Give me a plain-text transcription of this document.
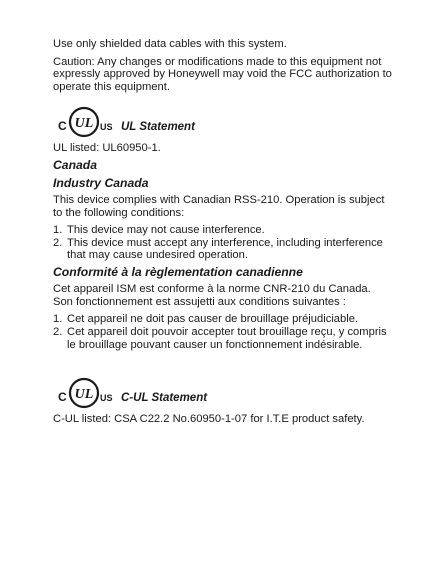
Use only shielded data cables with this system.

Caution: Any changes or modifications made to this equipment not expressly approved by Honeywell may void the FCC authorization to operate this equipment.

C UL US UL Statement

UL listed: UL60950-1.

Canada
Industry Canada

This device complies with Canadian RSS-210. Operation is subject to the following conditions:

1. This device may not cause interference.
2. This device must accept any interference, including interference that may cause undesired operation.
Conformité à la règlementation canadienne

Cet appareil ISM est conforme à la norme CNR-210 du Canada. Son fonctionnement est assujetti aux conditions suivantes :

1. Cet appareil ne doit pas causer de brouillage préjudiciable.
2. Cet appareil doit pouvoir accepter tout brouillage reçu, y compris le brouillage pouvant causer un fonctionnement indésirable.
C UL US C-UL Statement

C-UL listed: CSA C22.2 No.60950-1-07 for I.T.E product safety.
